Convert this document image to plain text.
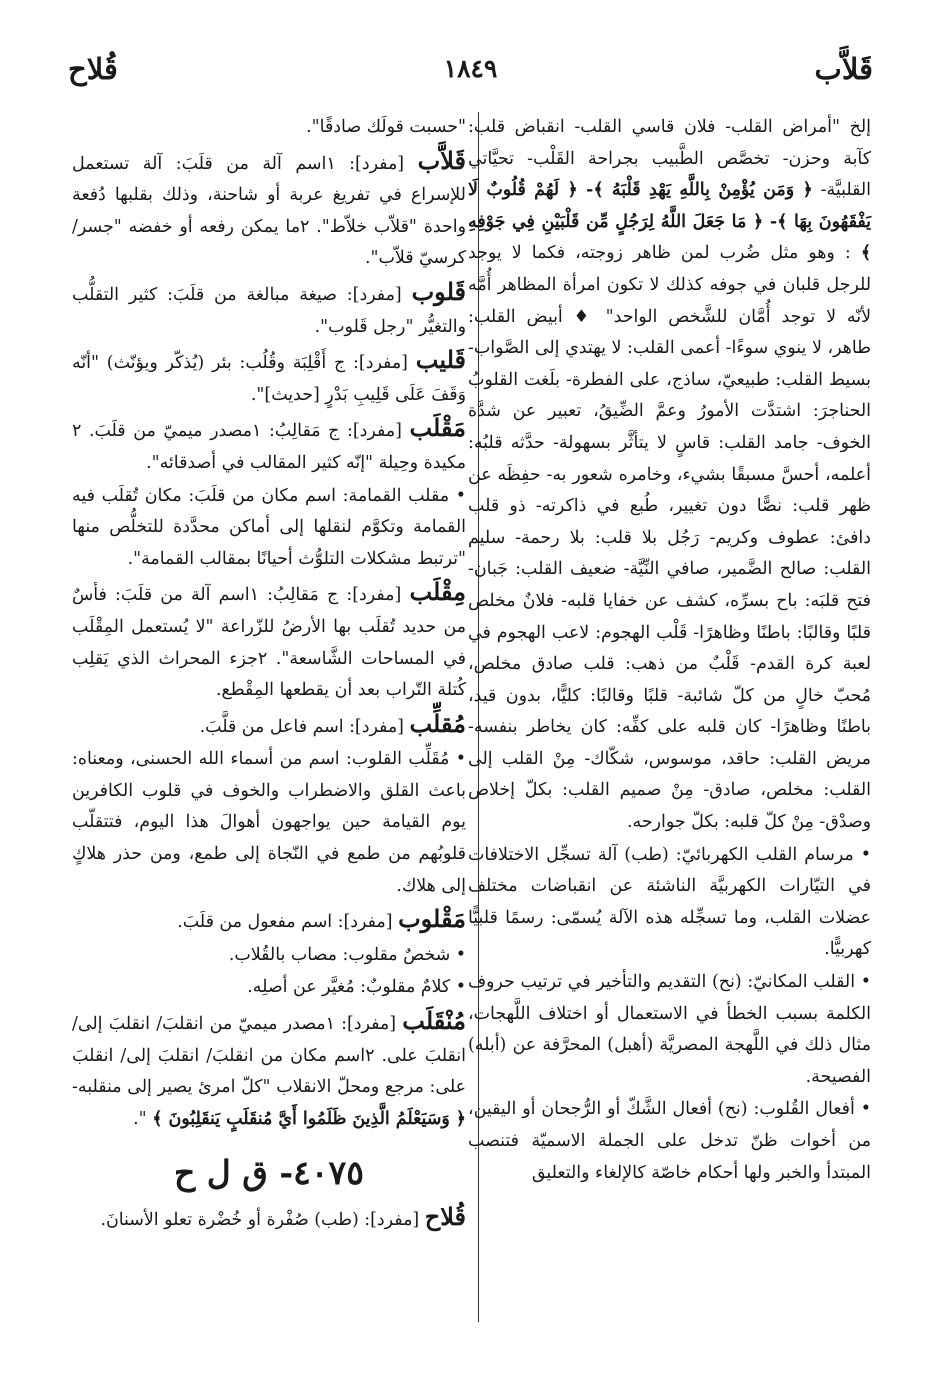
قَلاَّب
١٨٤٩
قُلاح

إلخ "أمراض القلب- فلان قاسي القلب- انقباض قلب: كآبة وحزن- تخصَّص الطَّبيب بجراحة القَلْب- تحيَّاتي القلبيَّة- ﴿ وَمَن يُؤْمِنْ بِاللَّهِ يَهْدِ قَلْبَهُ ﴾- ﴿ لَهُمْ قُلُوبٌ لَا يَفْقَهُونَ بِهَا ﴾- ﴿ مَا جَعَلَ اللَّهُ لِرَجُلٍ مِّن قَلْبَيْنِ فِي جَوْفِهِ ﴾ : وهو مثل ضُرب لمن ظاهر زوجته، فكما لا يوجد للرجل قلبان في جوفه كذلك لا تكون امرأة المظاهر أُمَّه لأنّه لا توجد أُمَّان للشَّخص الواحد" ♦ أبيض القلب: طاهر، لا ينوي سوءًا- أعمى القلب: لا يهتدي إلى الصَّواب- بسيط القلب: طبيعيّ، ساذج، على الفطرة- بلَغت القلوبُ الحناجرَ: اشتدَّت الأمورُ وعمَّ الضِّيقُ، تعبير عن شدَّة الخوف- جامد القلب: قاسٍ لا يتأثَّر بسهولة- حدَّثه قلبُه: أعلمه، أحسَّ مسبقًا بشيء، وخامره شعور به- حفِظَه عن ظهر قلب: نصًّا دون تغيير، طُبع في ذاكرته- ذو قلب دافئ: عطوف وكريم- رَجُل بلا قلب: بلا رحمة- سليم القلب: صالح الضَّمير، صافي النِّيَّة- ضعيف القلب: جَبان- فتح قلبَه: باح بسرِّه، كشف عن خفايا قلبه- فلانٌ مخلص قلبًا وقالبًا: باطنًا وظاهرًا- قَلْب الهجوم: لاعب الهجوم في لعبة كرة القدم- قَلْبٌ من ذهب: قلب صادق مخلص، مُحبّ خالٍ من كلّ شائبة- قلبًا وقالبًا: كليًّا، بدون قيد، باطنًا وظاهرًا- كان قلبه على كفِّه: كان يخاطر بنفسه- مريض القلب: حاقد، موسوس، شكّاك- مِنْ القلب إلى القلب: مخلص، صادق- مِنْ صميم القلب: بكلّ إخلاص وصدْق- مِنْ كلّ قلبه: بكلّ جوارحه.

• مرسام القلب الكهربائيّ: (طب) آلة تسجِّل الاختلافات في التيّارات الكهربيَّة الناشئة عن انقباضات مختلف عضلات القلب، وما تسجِّله هذه الآلة يُسمّى: رسمًا قلبيًّا كهربيًّا.

• القلب المكانيّ: (نح) التقديم والتأخير في ترتيب حروف الكلمة بسبب الخطأ في الاستعمال أو اختلاف اللَّهجات، مثال ذلك في اللَّهجة المصريَّة (أهبل) المحرَّفة عن (أبله) الفصيحة.

• أفعال القُلوب: (نح) أفعال الشَّكّ أو الرُّجحان أو اليقين، من أخوات ظنّ تدخل على الجملة الاسميّة فتنصب المبتدأ والخبر ولها أحكام خاصّة كالإلغاء والتعليق

"حسبت قولَك صادقًا".

قَلاَّب [مفرد]: ١اسم آلة من قلَبَ: آلة تستعمل للإسراع في تفريغ عربة أو شاحنة، وذلك بقلبها دُفعة واحدة "قلاّب خلاّط". ٢ما يمكن رفعه أو خفضه "جسر/ كرسيّ قلاّب".

قَلوب [مفرد]: صيغة مبالغة من قلَبَ: كثير التقلُّب والتغيُّر "رجل قَلوب".

قَليب [مفرد]: ج أَقْلِبَة وقُلُب: بئر (يُذكّر ويؤنّث) "أنّه وَقَفَ عَلَى قَلِيبِ بَدْرٍ [حديث]".

مَقْلَب [مفرد]: ج مَقالِبُ: ١مصدر ميميّ من قلَبَ. ٢ مكيدة وحِيلة "إنّه كثير المقالب في أصدقائه".

• مقلب القمامة: اسم مكان من قلَبَ: مكان تُقلَب فيه القمامة وتكوَّم لنقلها إلى أماكن محدَّدة للتخلُّص منها "ترتبط مشكلات التلوُّث أحيانًا بمقالب القمامة".

مِقْلَب [مفرد]: ج مَقالِبُ: ١اسم آلة من قلَبَ: فأسٌ من حديد تُقلَب بها الأرضُ للزّراعة "لا يُستعمل المِقْلَب في المساحات الشَّاسعة". ٢جزء المحراث الذي يَقلِب كُتلة التّراب بعد أن يقطعها المِقْطع.

مُقلِّب [مفرد]: اسم فاعل من قلَّبَ.

• مُقَلِّب القلوب: اسم من أسماء الله الحسنى، ومعناه: باعث القلق والاضطراب والخوف في قلوب الكافرين يوم القيامة حين يواجهون أهوالَ هذا اليوم، فتتقلّب قلوبُهم من طمع في النّجاة إلى طمع، ومن حذر هلاكٍ إلى هلاك.

مَقْلوب [مفرد]: اسم مفعول من قلَبَ.

• شخصٌ مقلوب: مصاب بالقُلاب.

• كلامٌ مقلوبٌ: مُغيَّر عن أصلِه.

مُنْقَلَب [مفرد]: ١مصدر ميميّ من انقلبَ/ انقلبَ إلى/ انقلبَ على. ٢اسم مكان من انقلبَ/ انقلبَ إلى/ انقلبَ على: مرجع ومحلّ الانقلاب "كلّ امرئ يصير إلى منقلبه- ﴿ وَسَيَعْلَمُ الَّذِينَ ظَلَمُوا أَيَّ مُنقَلَبٍ يَنقَلِبُونَ ﴾ ".

٤٠٧٥- ق ل ح

قُلاح [مفرد]: (طب) صُفْرة أو خُضْرة تعلو الأسنانَ.
